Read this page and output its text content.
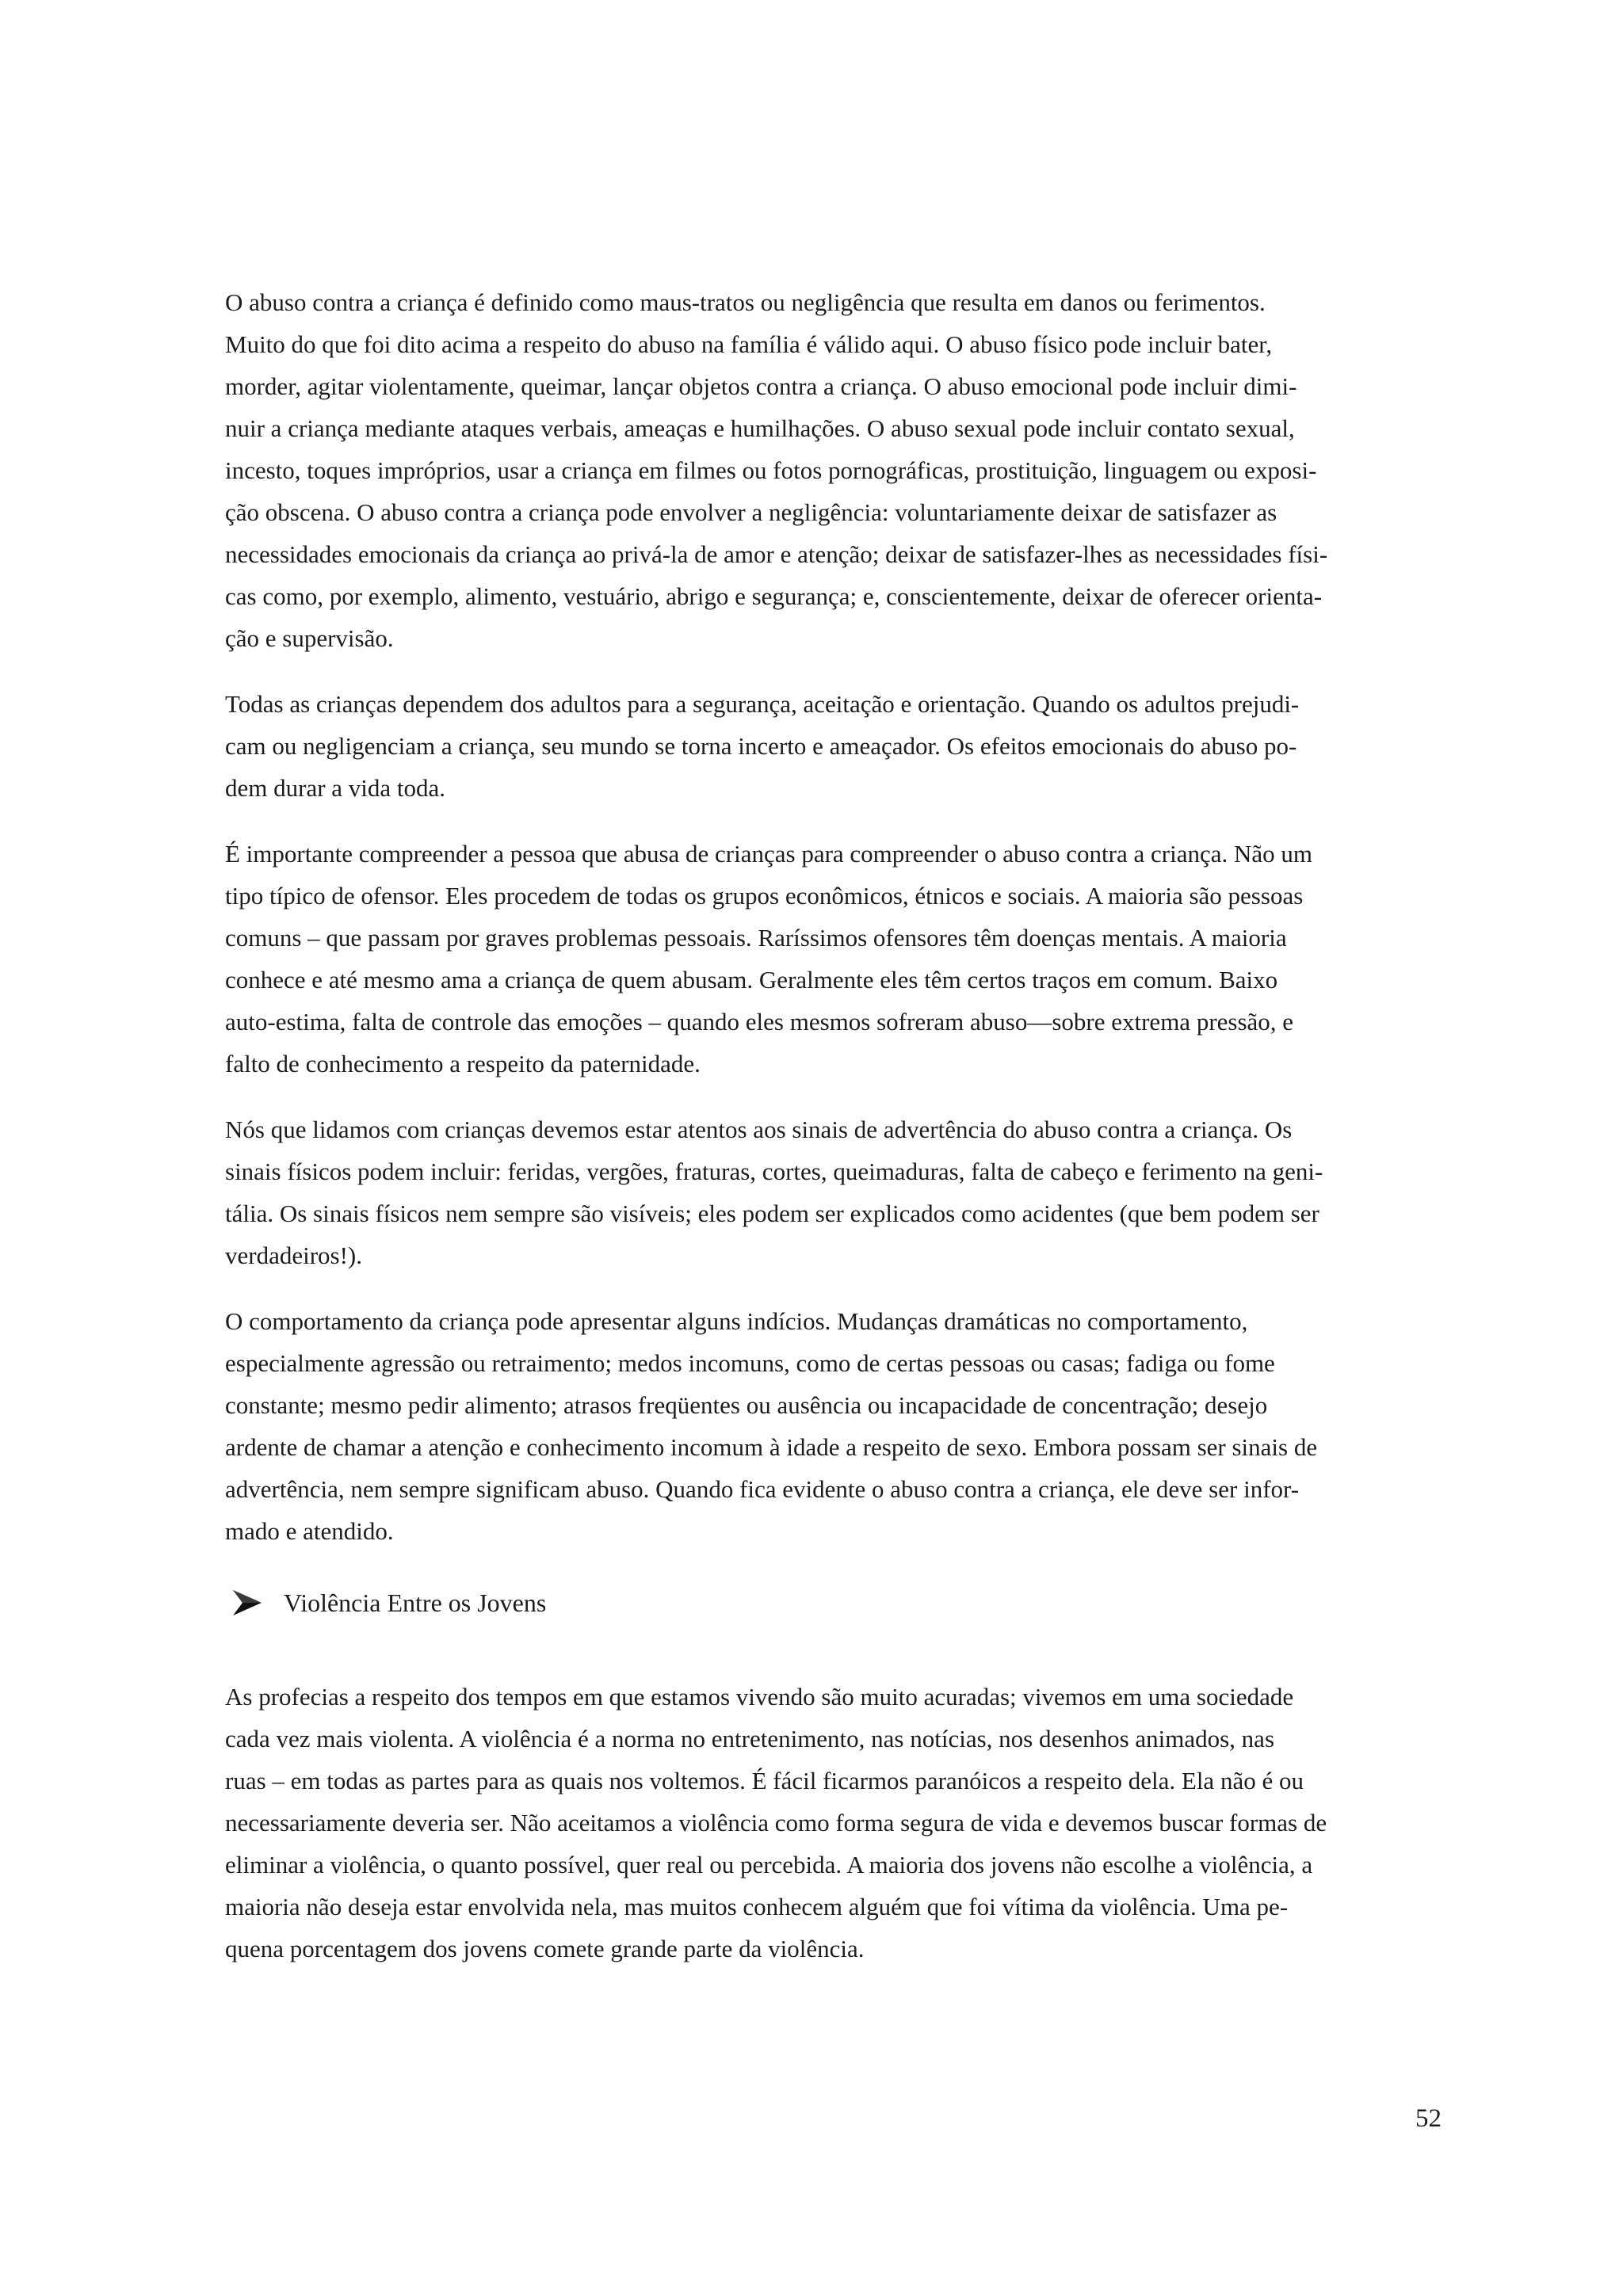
O abuso contra a criança é definido como maus-tratos ou negligência que resulta em danos ou ferimentos.
Muito do que foi dito acima a respeito do abuso na família é válido aqui. O abuso físico pode incluir bater,
morder, agitar violentamente, queimar, lançar objetos contra a criança. O abuso emocional pode incluir dimi-
nuir a criança mediante ataques verbais, ameaças e humilhações. O abuso sexual pode incluir contato sexual,
incesto, toques impróprios, usar a criança em filmes ou fotos pornográficas, prostituição, linguagem ou exposi-
ção obscena. O abuso contra a criança pode envolver a negligência: voluntariamente deixar de satisfazer as
necessidades emocionais da criança ao privá-la de amor e atenção; deixar de satisfazer-lhes as necessidades físi-
cas como, por exemplo, alimento, vestuário, abrigo e segurança; e, conscientemente, deixar de oferecer orienta-
ção e supervisão.

Todas as crianças dependem dos adultos para a segurança, aceitação e orientação. Quando os adultos prejudi-
cam ou negligenciam a criança, seu mundo se torna incerto e ameaçador. Os efeitos emocionais do abuso po-
dem durar a vida toda.

É importante compreender a pessoa que abusa de crianças para compreender o abuso contra a criança. Não um
tipo típico de ofensor. Eles procedem de todas os grupos econômicos, étnicos e sociais. A maioria são pessoas
comuns – que passam por graves problemas pessoais. Raríssimos ofensores têm doenças mentais. A maioria
conhece e até mesmo ama a criança de quem abusam. Geralmente eles têm certos traços em comum. Baixo
auto-estima, falta de controle das emoções – quando eles mesmos sofreram abuso—sobre extrema pressão, e
falto de conhecimento a respeito da paternidade.

Nós que lidamos com crianças devemos estar atentos aos sinais de advertência do abuso contra a criança. Os
sinais físicos podem incluir: feridas, vergões, fraturas, cortes, queimaduras, falta de cabeço e ferimento na geni-
tália. Os sinais físicos nem sempre são visíveis; eles podem ser explicados como acidentes (que bem podem ser
verdadeiros!).

O comportamento da criança pode apresentar alguns indícios. Mudanças dramáticas no comportamento,
especialmente agressão ou retraimento; medos incomuns, como de certas pessoas ou casas; fadiga ou fome
constante; mesmo pedir alimento; atrasos freqüentes ou ausência ou incapacidade de concentração; desejo
ardente de chamar a atenção e conhecimento incomum à idade a respeito de sexo. Embora possam ser sinais de
advertência, nem sempre significam abuso. Quando fica evidente o abuso contra a criança, ele deve ser infor-
mado e atendido.

Violência Entre os Jovens

As profecias a respeito dos tempos em que estamos vivendo são muito acuradas; vivemos em uma sociedade
cada vez mais violenta. A violência é a norma no entretenimento, nas notícias, nos desenhos animados, nas
ruas – em todas as partes para as quais nos voltemos. É fácil ficarmos paranóicos a respeito dela. Ela não é ou
necessariamente deveria ser. Não aceitamos a violência como forma segura de vida e devemos buscar formas de
eliminar a violência, o quanto possível, quer real ou percebida. A maioria dos jovens não escolhe a violência, a
maioria não deseja estar envolvida nela, mas muitos conhecem alguém que foi vítima da violência. Uma pe-
quena porcentagem dos jovens comete grande parte da violência.

52
